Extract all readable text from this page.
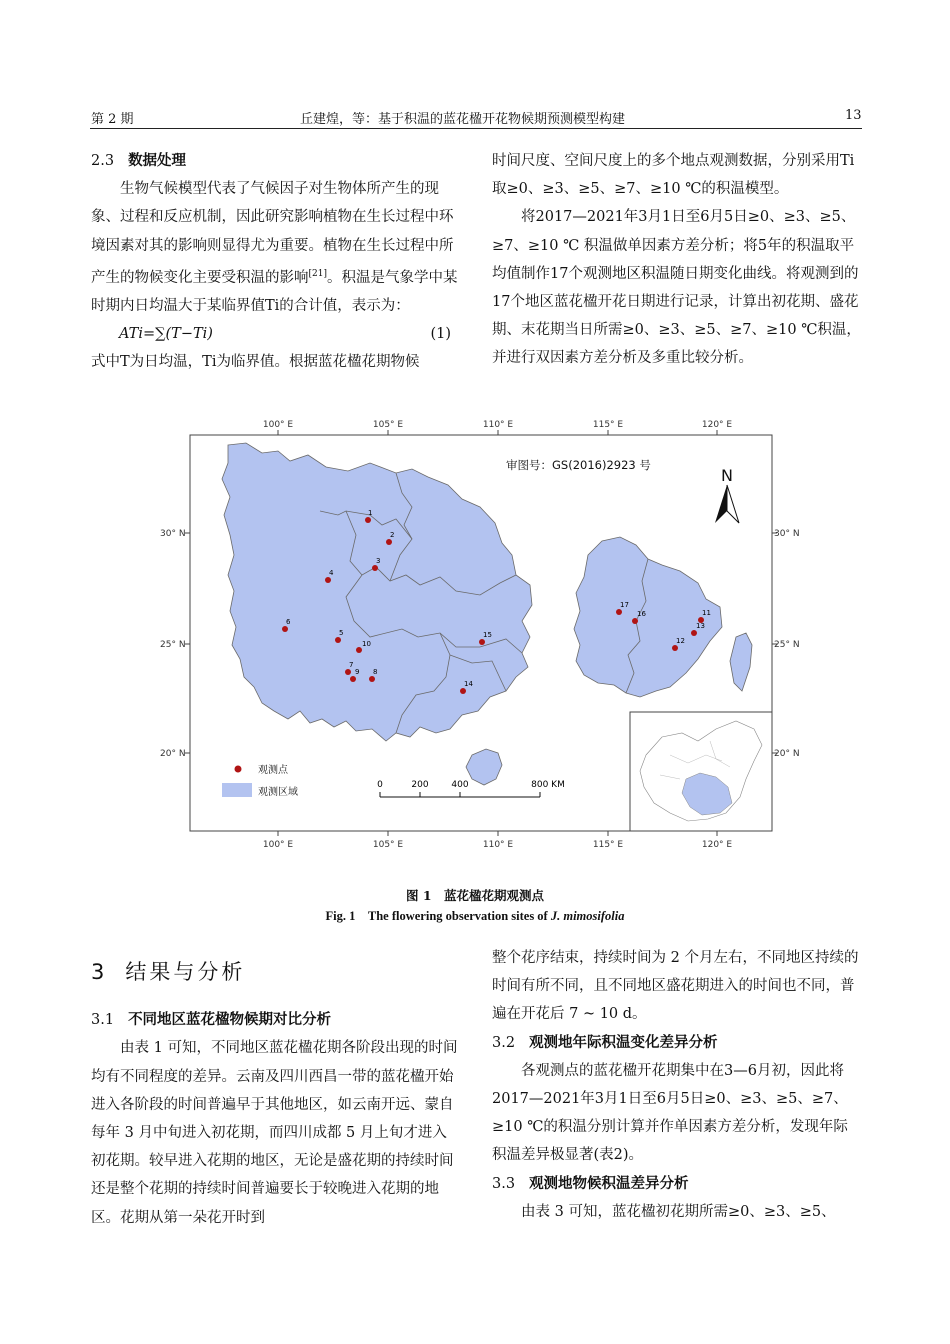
第 2 期	丘建煌，等：基于积温的蓝花楹开花物候期预测模型构建	13
2.3 数据处理

生物气候模型代表了气候因子对生物体所产生的现象、过程和反应机制，因此研究影响植物在生长过程中环境因素对其的影响则显得尤为重要。植物在生长过程中所产生的物候变化主要受积温的影响[21]。积温是气象学中某时期内日均温大于某临界值Ti的合计值，表示为：

ATi=∑(T−Ti)	(1)

式中T为日均温，Ti为临界值。根据蓝花楹花期物候

时间尺度、空间尺度上的多个地点观测数据，分别采用Ti取≥0、≥3、≥5、≥7、≥10 ℃的积温模型。

将2017—2021年3月1日至6月5日≥0、≥3、≥5、≥7、≥10 ℃ 积温做单因素方差分析；将5年的积温取平均值制作17个观测地区积温随日期变化曲线。将观测到的17个地区蓝花楹开花日期进行记录，计算出初花期、盛花期、末花期当日所需≥0、≥3、≥5、≥7、≥10 ℃积温，并进行双因素方差分析及多重比较分析。

100° E	105° E	110° E	115° E	120° E
100° E	105° E	110° E	115° E	120° E
30° N
25° N
20° N
30° N
25° N
20° N
审图号：GS(2016)2923 号
N
1
2
3
4
5
6
7
8
9
10
11
12
13
14
15
16
17
观测点
观测区域
0	200	400	800 KM
图 1　蓝花楹花期观测点
Fig. 1　The flowering observation sites of J. mimosifolia
3 结果与分析
3.1 不同地区蓝花楹物候期对比分析

由表 1 可知，不同地区蓝花楹花期各阶段出现的时间均有不同程度的差异。云南及四川西昌一带的蓝花楹开始进入各阶段的时间普遍早于其他地区，如云南开远、蒙自每年 3 月中旬进入初花期，而四川成都 5 月上旬才进入初花期。较早进入花期的地区，无论是盛花期的持续时间还是整个花期的持续时间普遍要长于较晚进入花期的地区。花期从第一朵花开时到

整个花序结束，持续时间为 2 个月左右，不同地区持续的时间有所不同，且不同地区盛花期进入的时间也不同，普遍在开花后 7 ~ 10 d。

3.2 观测地年际积温变化差异分析

各观测点的蓝花楹开花期集中在3—6月初，因此将2017—2021年3月1日至6月5日≥0、≥3、≥5、≥7、≥10 ℃的积温分别计算并作单因素方差分析，发现年际积温差异极显著(表2)。

3.3 观测地物候积温差异分析

由表 3 可知，蓝花楹初花期所需≥0、≥3、≥5、
